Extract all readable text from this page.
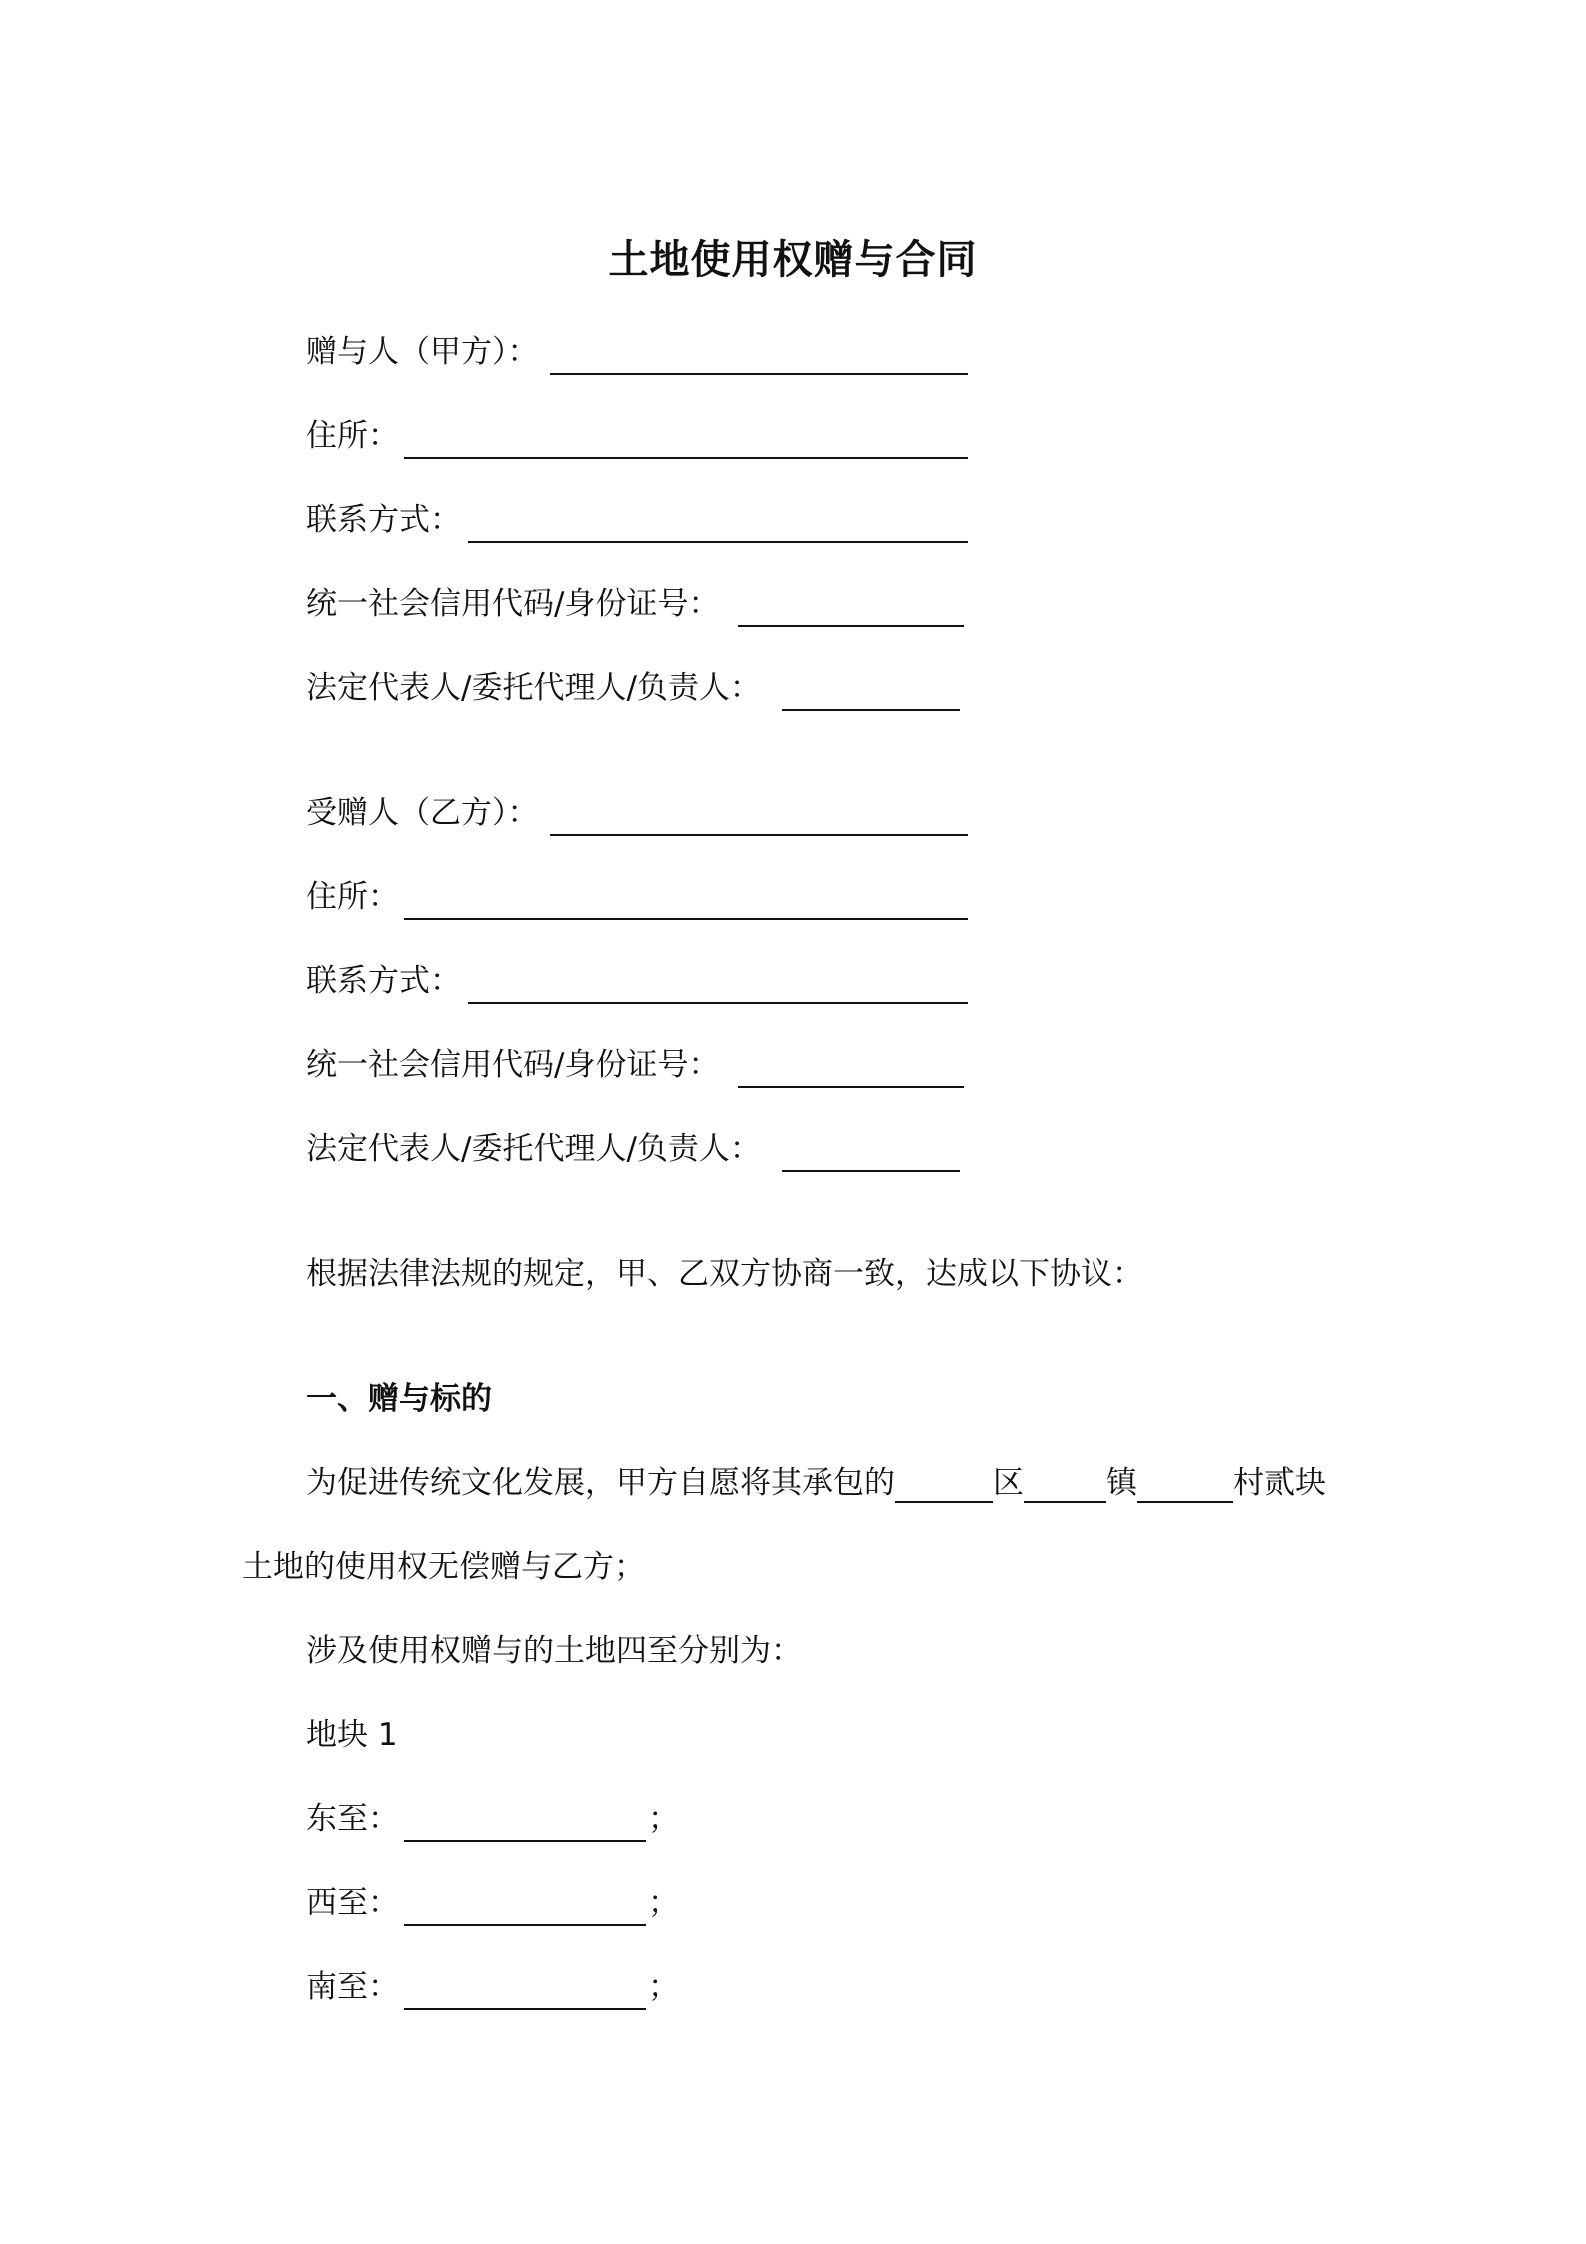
土地使用权赠与合同
赠与人（甲方）：
住所：
联系方式：
统一社会信用代码/身份证号：
法定代表人/委托代理人/负责人：
受赠人（乙方）：
住所：
联系方式：
统一社会信用代码/身份证号：
法定代表人/委托代理人/负责人：
根据法律法规的规定，甲、乙双方协商一致，达成以下协议：
一、赠与标的
为促进传统文化发展，甲方自愿将其承包的	区	镇	村贰块
土地的使用权无偿赠与乙方；
涉及使用权赠与的土地四至分别为：
地块 1
东至：	；
西至：	；
南至：	；
